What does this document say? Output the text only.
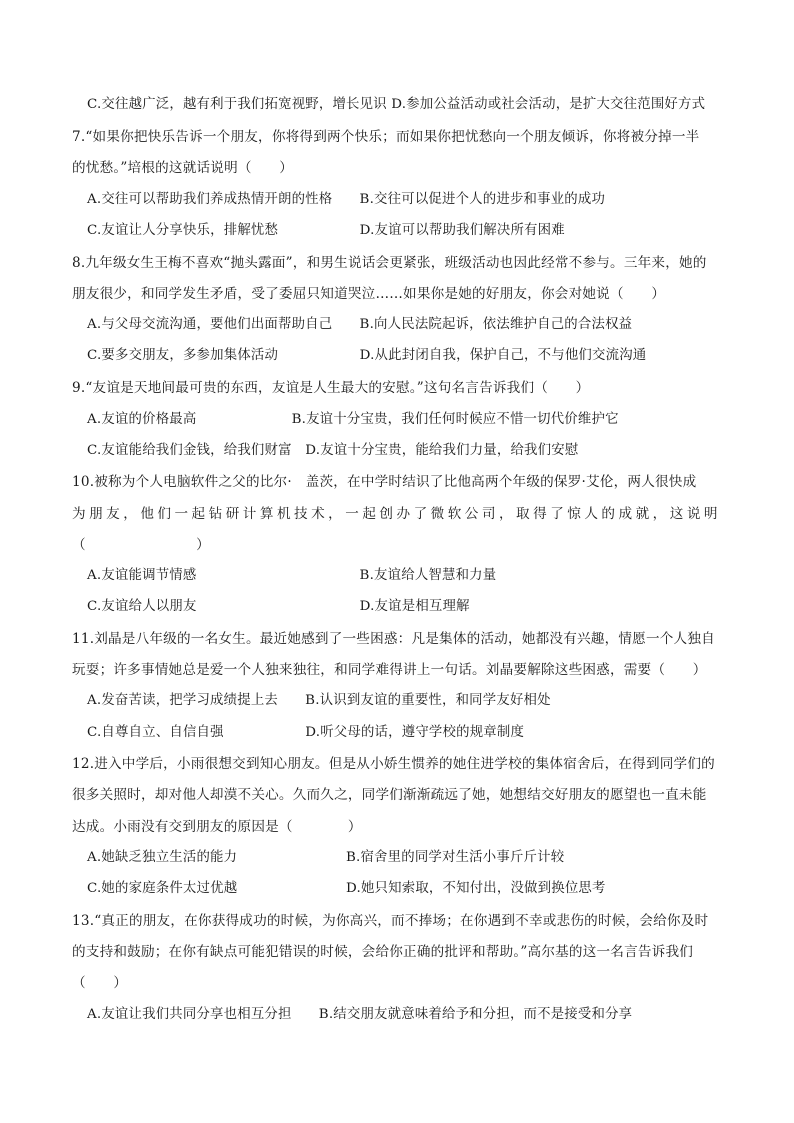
C.交往越广泛，越有利于我们拓宽视野，增长见识 D.参加公益活动或社会活动，是扩大交往范围好方式
7.“如果你把快乐告诉一个朋友，你将得到两个快乐；而如果你把忧愁向一个朋友倾诉，你将被分掉一半
的忧愁。”培根的这就话说明（　　）
A.交往可以帮助我们养成热情开朗的性格　　B.交往可以促进个人的进步和事业的成功
C.友谊让人分享快乐，排解忧愁　　　　　　D.友谊可以帮助我们解决所有困难
8.九年级女生王梅不喜欢“抛头露面”，和男生说话会更紧张，班级活动也因此经常不参与。三年来，她的
朋友很少，和同学发生矛盾，受了委屈只知道哭泣……如果你是她的好朋友，你会对她说（　　）
A.与父母交流沟通，要他们出面帮助自己　　B.向人民法院起诉，依法维护自己的合法权益
C.要多交朋友，多参加集体活动　　　　　　D.从此封闭自我，保护自己，不与他们交流沟通
9.“友谊是天地间最可贵的东西，友谊是人生最大的安慰。”这句名言告诉我们（　　）
A.友谊的价格最高　　　　　　　B.友谊十分宝贵，我们任何时候应不惜一切代价维护它
C.友谊能给我们金钱，给我们财富　D.友谊十分宝贵，能给我们力量，给我们安慰
10.被称为个人电脑软件之父的比尔·　盖茨，在中学时结识了比他高两个年级的保罗·艾伦，两人很快成
为 朋 友 ， 他 们 一 起 钻 研 计 算 机 技 术 ， 一 起 创 办 了 微 软 公 司 ， 取 得 了 惊 人 的 成 就 ， 这 说 明
（　　　　　　　　）
A.友谊能调节情感　　　　　　　　　　　　B.友谊给人智慧和力量
C.友谊给人以朋友　　　　　　　　　　　　D.友谊是相互理解
11.刘晶是八年级的一名女生。最近她感到了一些困惑：凡是集体的活动，她都没有兴趣，情愿一个人独自
玩耍；许多事情她总是爱一个人独来独往，和同学难得讲上一句话。刘晶要解除这些困惑，需要（　　）
A.发奋苦读，把学习成绩提上去　　B.认识到友谊的重要性，和同学友好相处
C.自尊自立、自信自强　　　　　　D.听父母的话，遵守学校的规章制度
12.进入中学后，小雨很想交到知心朋友。但是从小娇生惯养的她住进学校的集体宿舍后，在得到同学们的
很多关照时，却对他人却漠不关心。久而久之，同学们渐渐疏远了她，她想结交好朋友的愿望也一直未能
达成。小雨没有交到朋友的原因是（　　　　）
A.她缺乏独立生活的能力　　　　　　　　B.宿舍里的同学对生活小事斤斤计较
C.她的家庭条件太过优越　　　　　　　　D.她只知索取，不知付出，没做到换位思考
13.“真正的朋友，在你获得成功的时候，为你高兴，而不捧场；在你遇到不幸或悲伤的时候，会给你及时
的支持和鼓励；在你有缺点可能犯错误的时候，会给你正确的批评和帮助。”高尔基的这一名言告诉我们
（　　）
A.友谊让我们共同分享也相互分担　　B.结交朋友就意味着给予和分担，而不是接受和分享
